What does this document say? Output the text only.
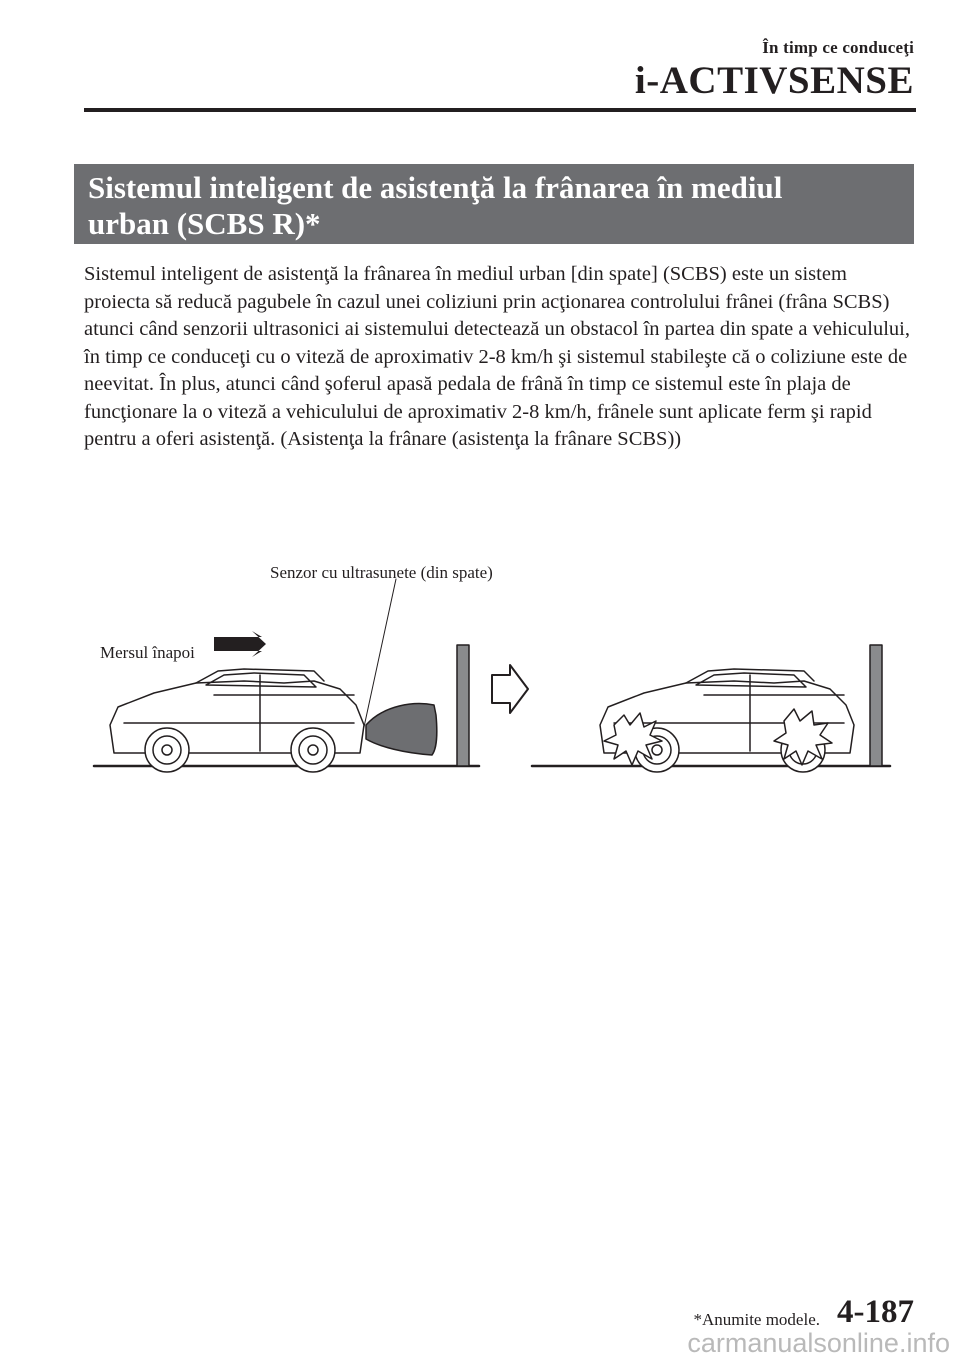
În timp ce conduceţi
i-ACTIVSENSE
Sistemul inteligent de asistenţă la frânarea în mediul
urban (SCBS R)*

Sistemul inteligent de asistenţă la frânarea în mediul urban [din spate] (SCBS) este un sistem proiecta să reducă pagubele în cazul unei coliziuni prin acţionarea controlului frânei (frâna SCBS) atunci când senzorii ultrasonici ai sistemului detectează un obstacol în partea din spate a vehiculului, în timp ce conduceţi cu o viteză de aproximativ 2-8 km/h şi sistemul stabileşte că o coliziune este de neevitat. În plus, atunci când şoferul apasă pedala de frână în timp ce sistemul este în plaja de funcţionare la o viteză a vehiculului de aproximativ 2-8 km/h, frânele sunt aplicate ferm şi rapid pentru a oferi asistenţă. (Asistenţa la frânare (asistenţa la frânare SCBS))

Senzor cu ultrasunete (din spate)
Mersul înapoi
*Anumite modele. 4-187
carmanualsonline.info
